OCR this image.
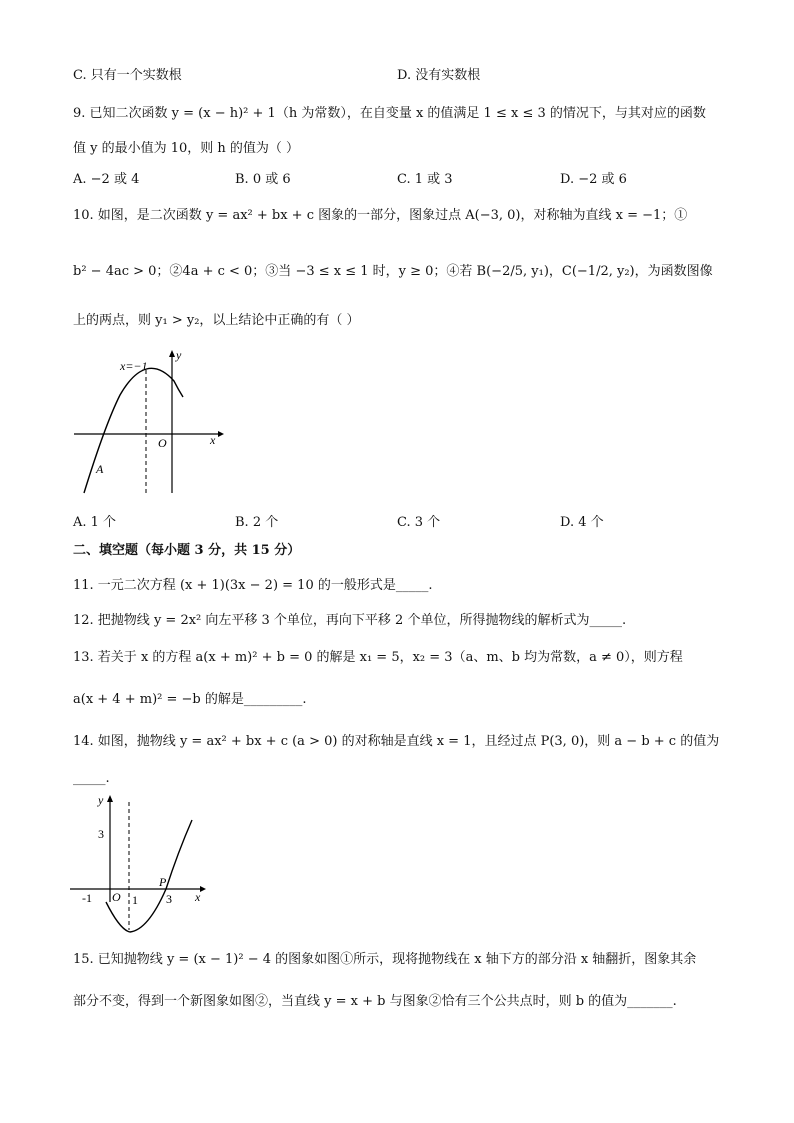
C. 只有一个实数根	D. 没有实数根
9. 已知二次函数 y = (x − h)² + 1（h 为常数），在自变量 x 的值满足 1 ≤ x ≤ 3 的情况下，与其对应的函数
值 y 的最小值为 10，则 h 的值为（ ）
A. −2 或 4	B. 0 或 6	C. 1 或 3	D. −2 或 6
10. 如图，是二次函数 y = ax² + bx + c 图象的一部分，图象过点 A(−3, 0)，对称轴为直线 x = −1；①
b² − 4ac > 0；②4a + c < 0；③当 −3 ≤ x ≤ 1 时，y ≥ 0；④若 B(−2/5, y₁)，C(−1/2, y₂)，为函数图像
上的两点，则 y₁ > y₂，以上结论中正确的有（ ）
x=−1
y
x
A
O
A. 1 个	B. 2 个	C. 3 个	D. 4 个
二、填空题（每小题 3 分，共 15 分）
11. 一元二次方程 (x + 1)(3x − 2) = 10 的一般形式是_____.
12. 把抛物线 y = 2x² 向左平移 3 个单位，再向下平移 2 个单位，所得抛物线的解析式为_____.
13. 若关于 x 的方程 a(x + m)² + b = 0 的解是 x₁ = 5，x₂ = 3（a、m、b 均为常数，a ≠ 0），则方程
a(x + 4 + m)² = −b 的解是_________.
14. 如图，抛物线 y = ax² + bx + c (a > 0) 的对称轴是直线 x = 1，且经过点 P(3, 0)，则 a − b + c 的值为
_____.
y
3
-1 O 1
P
3 x
15. 已知抛物线 y = (x − 1)² − 4 的图象如图①所示，现将抛物线在 x 轴下方的部分沿 x 轴翻折，图象其余
部分不变，得到一个新图象如图②，当直线 y = x + b 与图象②恰有三个公共点时，则 b 的值为_______.
